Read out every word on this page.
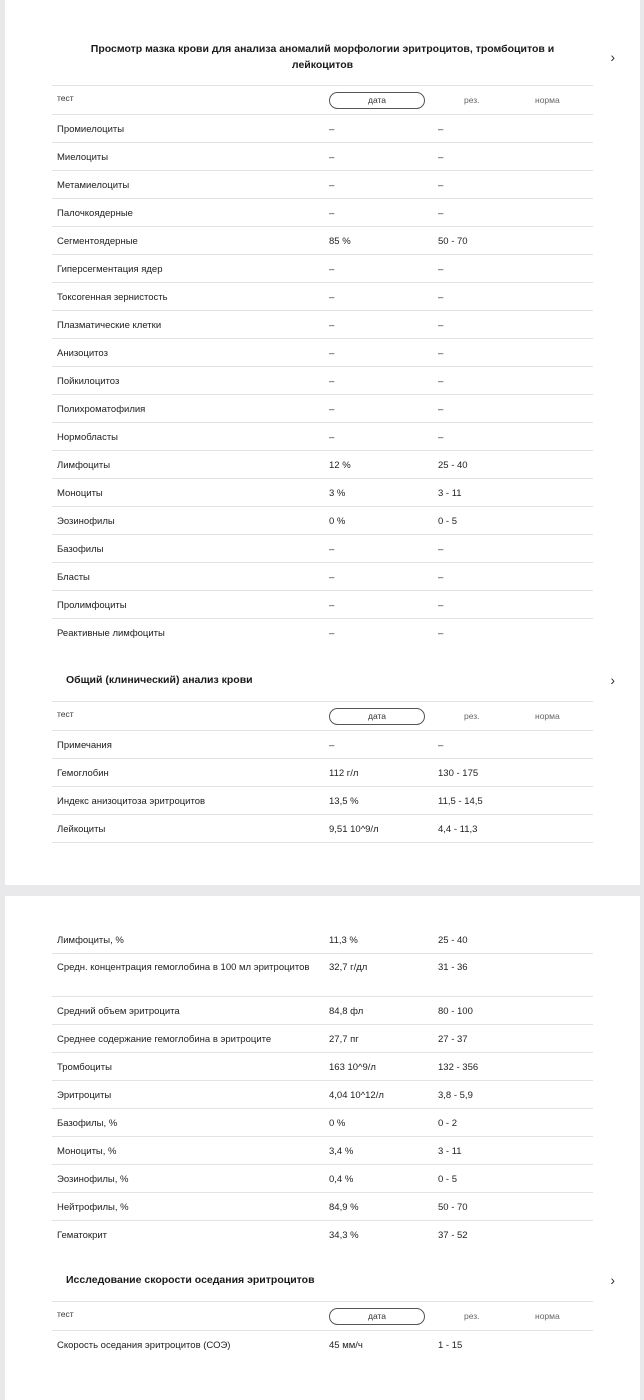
Просмотр мазка крови для анализа аномалий морфологии эритроцитов, тромбоцитов и лейкоцитов	›
тест	дата	рез.	норма
Промиелоциты	–	–
Миелоциты	–	–
Метамиелоциты	–	–
Палочкоядерные	–	–
Сегментоядерные	85 %	50 - 70
Гиперсегментация ядер	–	–
Токсогенная зернистость	–	–
Плазматические клетки	–	–
Анизоцитоз	–	–
Пойкилоцитоз	–	–
Полихроматофилия	–	–
Нормобласты	–	–
Лимфоциты	12 %	25 - 40
Моноциты	3 %	3 - 11
Эозинофилы	0 %	0 - 5
Базофилы	–	–
Бласты	–	–
Пролимфоциты	–	–
Реактивные лимфоциты	–	–
Общий (клинический) анализ крови	›
тест	дата	рез.	норма
Примечания	–	–
Гемоглобин	112 г/л	130 - 175
Индекс анизоцитоза эритроцитов	13,5 %	11,5 - 14,5
Лейкоциты	9,51 10^9/л	4,4 - 11,3
Лимфоциты, %	11,3 %	25 - 40
Средн. концентрация гемоглобина в 100 мл эритроцитов 32,7 г/дл	31 - 36
Средний объем эритроцита	84,8 фл	80 - 100
Среднее содержание гемоглобина в эритроците	27,7 пг	27 - 37
Тромбоциты	163 10^9/л	132 - 356
Эритроциты	4,04 10^12/л	3,8 - 5,9
Базофилы, %	0 %	0 - 2
Моноциты, %	3,4 %	3 - 11
Эозинофилы, %	0,4 %	0 - 5
Нейтрофилы, %	84,9 %	50 - 70
Гематокрит	34,3 %	37 - 52
Исследование скорости оседания эритроцитов	›
тест	дата	рез.	норма
Скорость оседания эритроцитов (СОЭ)	45 мм/ч	1 - 15
